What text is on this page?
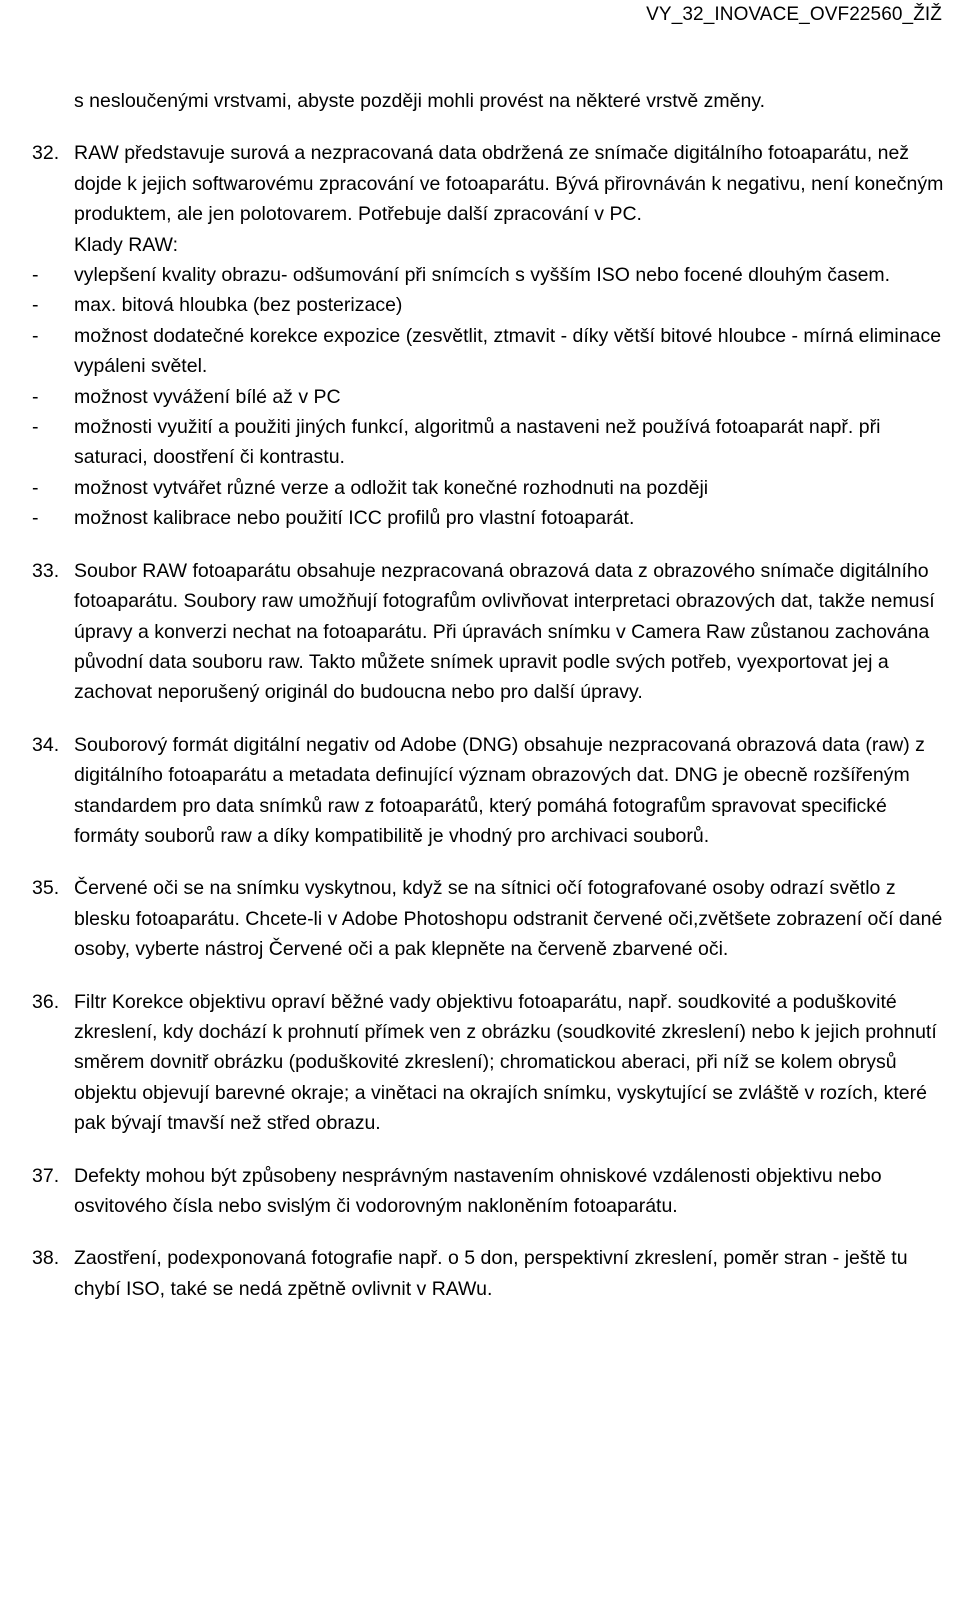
VY_32_INOVACE_OVF22560_ŽIŽ
s nesloučenými vrstvami, abyste později mohli provést na některé vrstvě změny.
32. RAW představuje surová a nezpracovaná data obdržená ze snímače digitálního fotoaparátu, než dojde k jejich softwarovému zpracování ve fotoaparátu. Bývá přirovnáván k negativu, není konečným produktem, ale jen polotovarem. Potřebuje další zpracování v PC.

Klady RAW:

-	vylepšení kvality obrazu- odšumování při snímcích s vyšším ISO nebo focené dlouhým časem.
-	max. bitová hloubka (bez posterizace)
-	možnost dodatečné korekce expozice (zesvětlit, ztmavit - díky větší bitové hloubce - mírná eliminace vypáleni světel.
-	možnost vyvážení bílé až v PC
-	možnosti využití a použiti jiných funkcí, algoritmů a nastaveni než používá fotoaparát např. při saturaci, doostření či kontrastu.
-	možnost vytvářet různé verze a odložit tak konečné rozhodnuti na později
-	možnost kalibrace nebo použití ICC profilů pro vlastní fotoaparát.
33. Soubor RAW fotoaparátu obsahuje nezpracovaná obrazová data z obrazového snímače digitálního fotoaparátu. Soubory raw umožňují fotografům ovlivňovat interpretaci obrazových dat, takže nemusí úpravy a konverzi nechat na fotoaparátu. Při úpravách snímku v Camera Raw zůstanou zachována původní data souboru raw. Takto můžete snímek upravit podle svých potřeb, vyexportovat jej a zachovat neporušený originál do budoucna nebo pro další úpravy.
34. Souborový formát digitální negativ od Adobe (DNG) obsahuje nezpracovaná obrazová data (raw) z digitálního fotoaparátu a metadata definující význam obrazových dat. DNG je obecně rozšířeným standardem pro data snímků raw z fotoaparátů, který pomáhá fotografům spravovat specifické formáty souborů raw a díky kompatibilitě je vhodný pro archivaci souborů.
35. Červené oči se na snímku vyskytnou, když se na sítnici očí fotografované osoby odrazí světlo z blesku fotoaparátu. Chcete-li v Adobe Photoshopu odstranit červené oči,zvětšete zobrazení očí dané osoby, vyberte nástroj Červené oči a pak klepněte na červeně zbarvené oči.
36. Filtr Korekce objektivu opraví běžné vady objektivu fotoaparátu, např. soudkovité a poduškovité zkreslení, kdy dochází k prohnutí přímek ven z obrázku (soudkovité zkreslení) nebo k jejich prohnutí směrem dovnitř obrázku (poduškovité zkreslení); chromatickou aberaci, při níž se kolem obrysů objektu objevují barevné okraje; a vinětaci na okrajích snímku, vyskytující se zvláště v rozích, které pak bývají tmavší než střed obrazu.
37. Defekty mohou být způsobeny nesprávným nastavením ohniskové vzdálenosti objektivu nebo osvitového čísla nebo svislým či vodorovným nakloněním fotoaparátu.
38. Zaostření, podexponovaná fotografie např. o 5 don, perspektivní zkreslení, poměr stran - ještě tu chybí ISO, také se nedá zpětně ovlivnit v RAWu.
